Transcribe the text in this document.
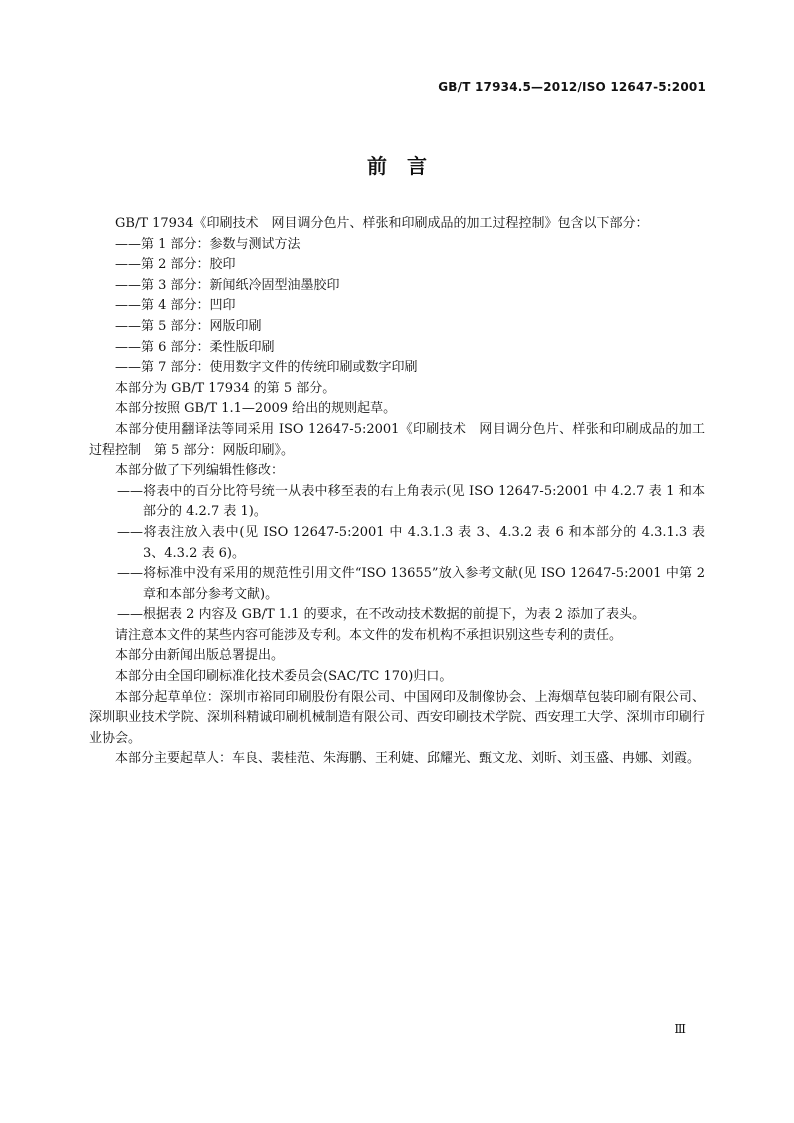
GB/T 17934.5—2012/ISO 12647-5:2001
前　言
GB/T 17934《印刷技术　网目调分色片、样张和印刷成品的加工过程控制》包含以下部分：
——第 1 部分：参数与测试方法
——第 2 部分：胶印
——第 3 部分：新闻纸冷固型油墨胶印
——第 4 部分：凹印
——第 5 部分：网版印刷
——第 6 部分：柔性版印刷
——第 7 部分：使用数字文件的传统印刷或数字印刷
本部分为 GB/T 17934 的第 5 部分。
本部分按照 GB/T 1.1—2009 给出的规则起草。
本部分使用翻译法等同采用 ISO 12647-5:2001《印刷技术　网目调分色片、样张和印刷成品的加工过程控制　第 5 部分：网版印刷》。
本部分做了下列编辑性修改：
——将表中的百分比符号统一从表中移至表的右上角表示(见 ISO 12647-5:2001 中 4.2.7 表 1 和本部分的 4.2.7 表 1)。
——将表注放入表中(见 ISO 12647-5:2001 中 4.3.1.3 表 3、4.3.2 表 6 和本部分的 4.3.1.3 表 3、4.3.2 表 6)。
——将标准中没有采用的规范性引用文件“ISO 13655”放入参考文献(见 ISO 12647-5:2001 中第 2 章和本部分参考文献)。
——根据表 2 内容及 GB/T 1.1 的要求，在不改动技术数据的前提下，为表 2 添加了表头。
请注意本文件的某些内容可能涉及专利。本文件的发布机构不承担识别这些专利的责任。
本部分由新闻出版总署提出。
本部分由全国印刷标准化技术委员会(SAC/TC 170)归口。
本部分起草单位：深圳市裕同印刷股份有限公司、中国网印及制像协会、上海烟草包装印刷有限公司、深圳职业技术学院、深圳科精诚印刷机械制造有限公司、西安印刷技术学院、西安理工大学、深圳市印刷行业协会。
本部分主要起草人：车良、裴桂范、朱海鹏、王利婕、邱耀光、甄文龙、刘昕、刘玉盛、冉娜、刘霞。
Ⅲ
